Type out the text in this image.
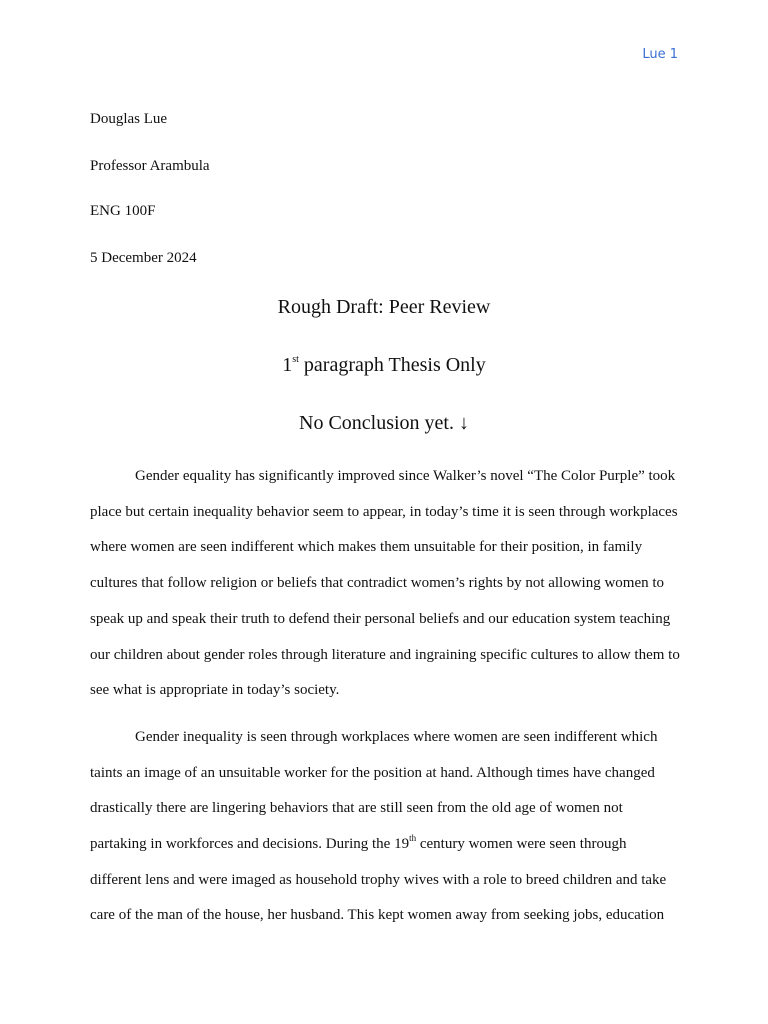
Lue 1
Douglas Lue
Professor Arambula
ENG 100F
5 December 2024
Rough Draft: Peer Review
1st paragraph Thesis Only
No Conclusion yet. ↓

Gender equality has significantly improved since Walker’s novel “The Color Purple” took place but certain inequality behavior seem to appear, in today’s time it is seen through workplaces where women are seen indifferent which makes them unsuitable for their position, in family cultures that follow religion or beliefs that contradict women’s rights by not allowing women to speak up and speak their truth to defend their personal beliefs and our education system teaching our children about gender roles through literature and ingraining specific cultures to allow them to see what is appropriate in today’s society.

Gender inequality is seen through workplaces where women are seen indifferent which taints an image of an unsuitable worker for the position at hand. Although times have changed drastically there are lingering behaviors that are still seen from the old age of women not partaking in workforces and decisions. During the 19th century women were seen through different lens and were imaged as household trophy wives with a role to breed children and take care of the man of the house, her husband. This kept women away from seeking jobs, education
